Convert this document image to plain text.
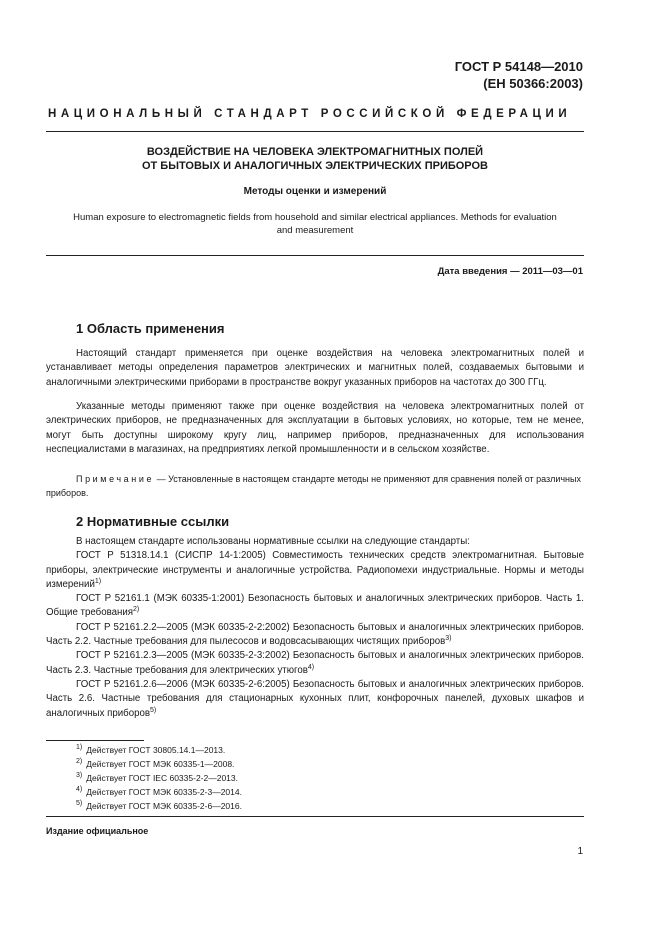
ГОСТ Р 54148—2010
(ЕН 50366:2003)
НАЦИОНАЛЬНЫЙ СТАНДАРТ РОССИЙСКОЙ ФЕДЕРАЦИИ
ВОЗДЕЙСТВИЕ НА ЧЕЛОВЕКА ЭЛЕКТРОМАГНИТНЫХ ПОЛЕЙ
ОТ БЫТОВЫХ И АНАЛОГИЧНЫХ ЭЛЕКТРИЧЕСКИХ ПРИБОРОВ
Методы оценки и измерений
Human exposure to electromagnetic fields from household and similar electrical appliances. Methods for evaluation
and measurement
Дата введения — 2011—03—01
1 Область применения
Настоящий стандарт применяется при оценке воздействия на человека электромагнитных полей и устанавливает методы определения параметров электрических и магнитных полей, создаваемых бытовыми и аналогичными электрическими приборами в пространстве вокруг указанных приборов на частотах до 300 ГГц.
Указанные методы применяют также при оценке воздействия на человека электромагнитных полей от электрических приборов, не предназначенных для эксплуатации в бытовых условиях, но которые, тем не менее, могут быть доступны широкому кругу лиц, например приборов, предназначенных для использования неспециалистами в магазинах, на предприятиях легкой промышленности и в сельском хозяйстве.
Примечание — Установленные в настоящем стандарте методы не применяют для сравнения полей от различных приборов.
2 Нормативные ссылки
В настоящем стандарте использованы нормативные ссылки на следующие стандарты:
ГОСТ Р 51318.14.1 (СИСПР 14-1:2005) Совместимость технических средств электромагнитная. Бытовые приборы, электрические инструменты и аналогичные устройства. Радиопомехи индустриальные. Нормы и методы измерений$^{1)}$
ГОСТ Р 52161.1 (МЭК 60335-1:2001) Безопасность бытовых и аналогичных электрических приборов. Часть 1. Общие требования$^{2)}$
ГОСТ Р 52161.2.2—2005 (МЭК 60335-2-2:2002) Безопасность бытовых и аналогичных электрических приборов. Часть 2.2. Частные требования для пылесосов и водовсасывающих чистящих приборов$^{3)}$
ГОСТ Р 52161.2.3—2005 (МЭК 60335-2-3:2002) Безопасность бытовых и аналогичных электрических приборов. Часть 2.3. Частные требования для электрических утюгов$^{4)}$
ГОСТ Р 52161.2.6—2006 (МЭК 60335-2-6:2005) Безопасность бытовых и аналогичных электрических приборов. Часть 2.6. Частные требования для стационарных кухонных плит, конфорочных панелей, духовых шкафов и аналогичных приборов$^{5)}$
$^{1)}$ Действует ГОСТ 30805.14.1—2013.
$^{2)}$ Действует ГОСТ МЭК 60335-1—2008.
$^{3)}$ Действует ГОСТ IEC 60335-2-2—2013.
$^{4)}$ Действует ГОСТ МЭК 60335-2-3—2014.
$^{5)}$ Действует ГОСТ МЭК 60335-2-6—2016.
Издание официальное
1
